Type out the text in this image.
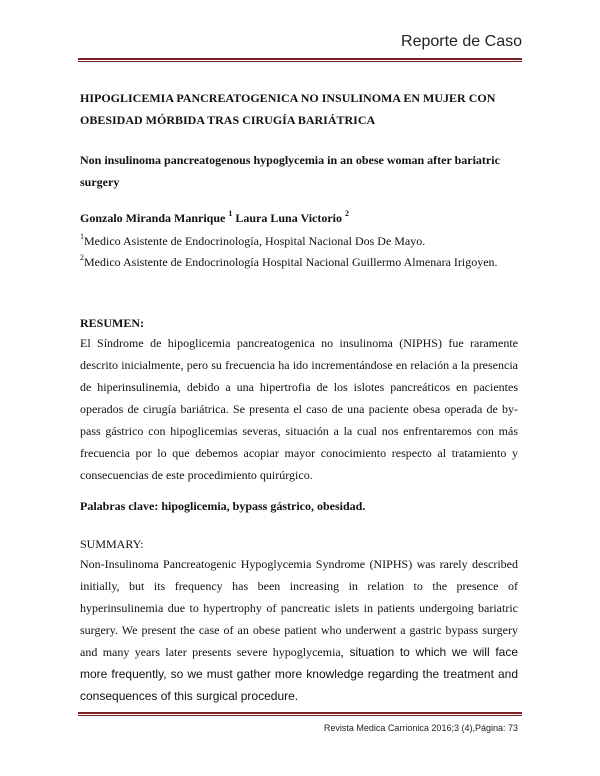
Reporte de Caso
HIPOGLICEMIA PANCREATOGENICA NO INSULINOMA EN MUJER CON OBESIDAD MÓRBIDA TRAS CIRUGÍA BARIÁTRICA
Non insulinoma pancreatogenous hypoglycemia in an obese woman after bariatric surgery
Gonzalo Miranda Manrique $^1$ Laura Luna Victorio $^2$
$^1$Medico Asistente de Endocrinología, Hospital Nacional Dos De Mayo.
$^2$Medico Asistente de Endocrinología Hospital Nacional Guillermo Almenara Irigoyen.
RESUMEN:
El Síndrome de hipoglicemia pancreatogenica no insulinoma (NIPHS) fue raramente descrito inicialmente, pero su frecuencia ha ido incrementándose en relación a la presencia de hiperinsulinemia, debido a una hipertrofia de los islotes pancreáticos en pacientes operados de cirugía bariátrica. Se presenta el caso de una paciente obesa operada de by-pass gástrico con hipoglicemias severas, situación a la cual nos enfrentaremos con más frecuencia por lo que debemos acopiar mayor conocimiento respecto al tratamiento y consecuencias de este procedimiento quirúrgico.
Palabras clave: hipoglicemia, bypass gástrico, obesidad.
SUMMARY:
Non-Insulinoma Pancreatogenic Hypoglycemia Syndrome (NIPHS) was rarely described initially, but its frequency has been increasing in relation to the presence of hyperinsulinemia due to hypertrophy of pancreatic islets in patients undergoing bariatric surgery. We present the case of an obese patient who underwent a gastric bypass surgery and many years later presents severe hypoglycemia, situation to which we will face more frequently, so we must gather more knowledge regarding the treatment and consequences of this surgical procedure.
Revista Medica Carrionica 2016;3 (4),Página: 73
